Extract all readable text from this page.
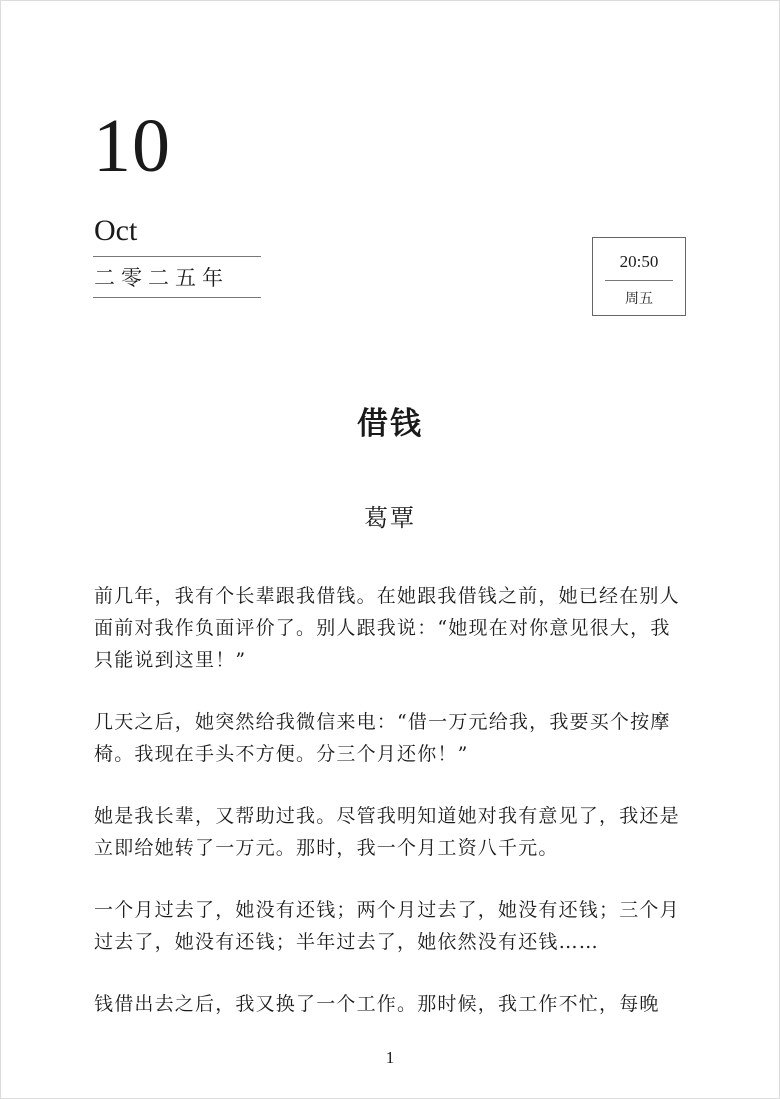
10
Oct
二零二五年
20:50
周五
借钱
葛覃

前几年，我有个长辈跟我借钱。在她跟我借钱之前，她已经在别人面前对我作负面评价了。别人跟我说：“她现在对你意见很大，我只能说到这里！”

几天之后，她突然给我微信来电：“借一万元给我，我要买个按摩椅。我现在手头不方便。分三个月还你！”

她是我长辈，又帮助过我。尽管我明知道她对我有意见了，我还是立即给她转了一万元。那时，我一个月工资八千元。

一个月过去了，她没有还钱；两个月过去了，她没有还钱；三个月过去了，她没有还钱；半年过去了，她依然没有还钱……

钱借出去之后，我又换了一个工作。那时候，我工作不忙，每晚

1
